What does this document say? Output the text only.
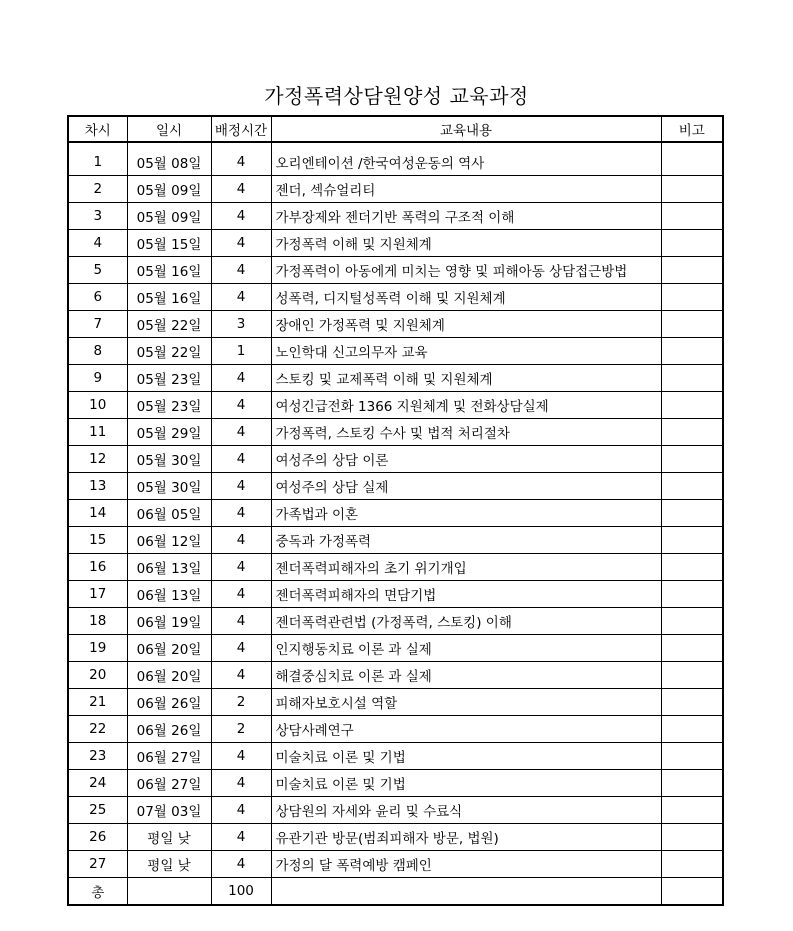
가정폭력상담원양성 교육과정
차시	일시	배정시간	교육내용	비고

1	05월 08일	4	오리엔테이션 /한국여성운동의 역사	
2	05월 09일	4	젠더, 섹슈얼리티	
3	05월 09일	4	가부장제와 젠더기반 폭력의 구조적 이해	
4	05월 15일	4	가정폭력 이해 및 지원체계	
5	05월 16일	4	가정폭력이 아동에게 미치는 영향 및 피해아동 상담접근방법	
6	05월 16일	4	성폭력, 디지털성폭력 이해 및 지원체계	
7	05월 22일	3	장애인 가정폭력 및 지원체계	
8	05월 22일	1	노인학대 신고의무자 교육	
9	05월 23일	4	스토킹 및 교제폭력 이해 및 지원체계	
10	05월 23일	4	여성긴급전화 1366 지원체계 및 전화상담실제	
11	05월 29일	4	가정폭력, 스토킹 수사 및 법적 처리절차	
12	05월 30일	4	여성주의 상담 이론	
13	05월 30일	4	여성주의 상담 실제	
14	06월 05일	4	가족법과 이혼	
15	06월 12일	4	중독과 가정폭력	
16	06월 13일	4	젠더폭력피해자의 초기 위기개입	
17	06월 13일	4	젠더폭력피해자의 면담기법	
18	06월 19일	4	젠더폭력관련법 (가정폭력, 스토킹) 이해	
19	06월 20일	4	인지행동치료 이론 과 실제	
20	06월 20일	4	해결중심치료 이론 과 실제	
21	06월 26일	2	피해자보호시설 역할	
22	06월 26일	2	상담사례연구	
23	06월 27일	4	미술치료 이론 및 기법	
24	06월 27일	4	미술치료 이론 및 기법	
25	07월 03일	4	상담원의 자세와 윤리 및 수료식	
26	평일 낮	4	유관기관 방문(범죄피해자 방문, 법원)	
27	평일 낮	4	가정의 달 폭력예방 캠페인	
총		100		
